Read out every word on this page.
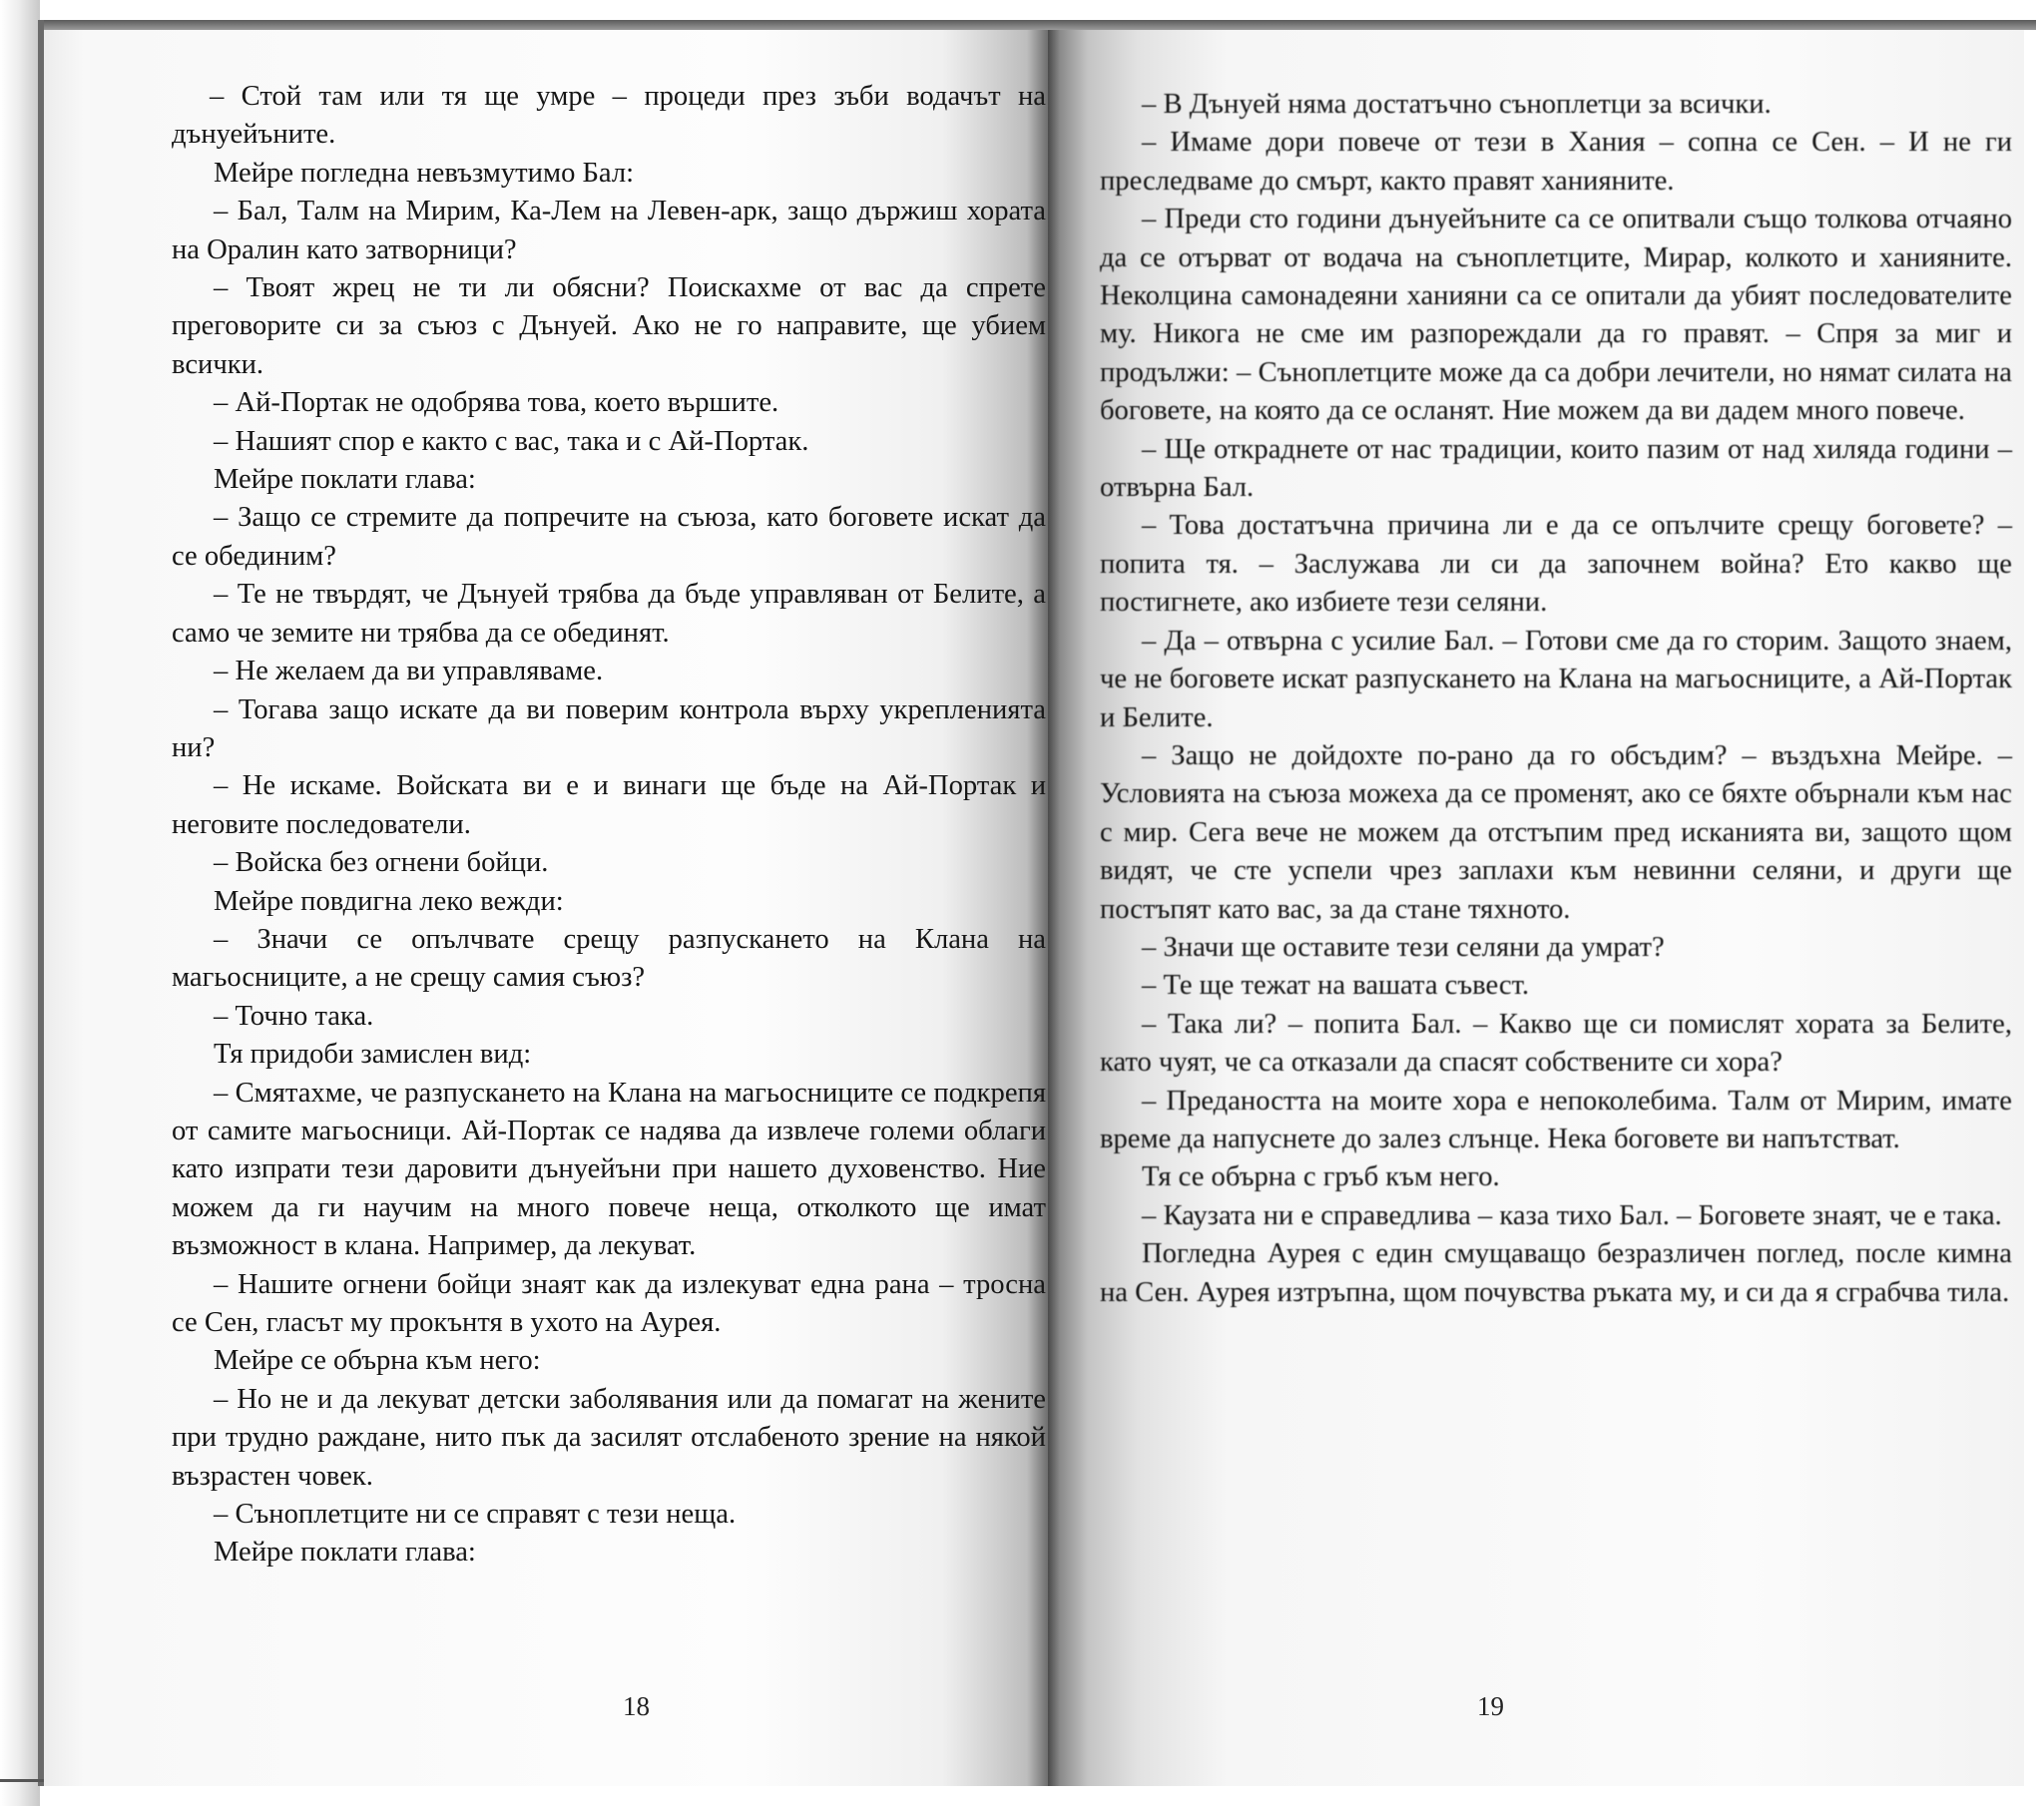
– Стой там или тя ще умре – процеди през зъби водачът на дънуейъните.

Мейре погледна невъзмутимо Бал:

– Бал, Талм на Мирим, Ка-Лем на Левен-арк, защо държиш хората на Оралин като затворници?

– Твоят жрец не ти ли обясни? Поискахме от вас да спрете преговорите си за съюз с Дънуей. Ако не го направите, ще убием всички.

– Ай-Портак не одобрява това, което вършите.

– Нашият спор е както с вас, така и с Ай-Портак.

Мейре поклати глава:

– Защо се стремите да попречите на съюза, като боговете искат да се обединим?

– Те не твърдят, че Дънуей трябва да бъде управляван от Белите, а само че земите ни трябва да се обединят.

– Не желаем да ви управляваме.

– Тогава защо искате да ви поверим контрола върху укрепленията ни?

– Не искаме. Войската ви е и винаги ще бъде на Ай-Портак и неговите последователи.

– Войска без огнени бойци.

Мейре повдигна леко вежди:

– Значи се опълчвате срещу разпускането на Клана на магьосниците, а не срещу самия съюз?

– Точно така.

Тя придоби замислен вид:

– Смятахме, че разпускането на Клана на магьосниците се подкрепя от самите магьосници. Ай-Портак се надява да извлече големи облаги като изпрати тези даровити дънуейъни при нашето духовенство. Ние можем да ги научим на много повече неща, отколкото ще имат възможност в клана. Например, да лекуват.

– Нашите огнени бойци знаят как да излекуват една рана – тросна се Сен, гласът му прокънтя в ухото на Аурея.

Мейре се обърна към него:

– Но не и да лекуват детски заболявания или да помагат на жените при трудно раждане, нито пък да засилят отслабеното зрение на някой възрастен човек.

– Съноплетците ни се справят с тези неща.

Мейре поклати глава:

18

– В Дънуей няма достатъчно съноплетци за всички.

– Имаме дори повече от тези в Хания – сопна се Сен. – И не ги преследваме до смърт, както правят ханияните.

– Преди сто години дънуейъните са се опитвали също толкова отчаяно да се отърват от водача на съноплетците, Мирар, колкото и ханияните. Неколцина самонадеяни ханияни са се опитали да убият последователите му. Никога не сме им разпореждали да го правят. – Спря за миг и продължи: – Съноплетците може да са добри лечители, но нямат силата на боговете, на която да се осланят. Ние можем да ви дадем много повече.

– Ще откраднете от нас традиции, които пазим от над хиляда години – отвърна Бал.

– Това достатъчна причина ли е да се опълчите срещу боговете? – попита тя. – Заслужава ли си да започнем война? Ето какво ще постигнете, ако избиете тези селяни.

– Да – отвърна с усилие Бал. – Готови сме да го сторим. Защото знаем, че не боговете искат разпускането на Клана на магьосниците, а Ай-Портак и Белите.

– Защо не дойдохте по-рано да го обсъдим? – въздъхна Мейре. – Условията на съюза можеха да се променят, ако се бяхте обърнали към нас с мир. Сега вече не можем да отстъпим пред исканията ви, защото щом видят, че сте успели чрез заплахи към невинни селяни, и други ще постъпят като вас, за да стане тяхното.

– Значи ще оставите тези селяни да умрат?

– Те ще тежат на вашата съвест.

– Така ли? – попита Бал. – Какво ще си помислят хората за Белите, като чуят, че са отказали да спасят собствените си хора?

– Предаността на моите хора е непоколебима. Талм от Мирим, имате време да напуснете до залез слънце. Нека боговете ви напътстват.

Тя се обърна с гръб към него.

– Каузата ни е справедлива – каза тихо Бал. – Боговете знаят, че е така.

Погледна Аурея с един смущаващо безразличен поглед, после кимна на Сен. Аурея изтръпна, щом почувства ръката му, и си да я сграбчва тила.

19
